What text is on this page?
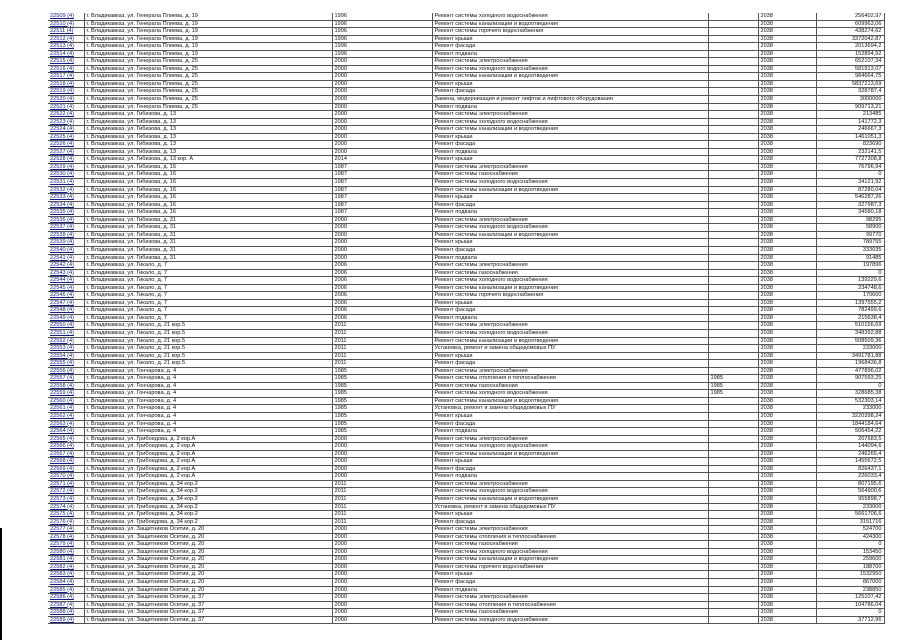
22509 (4)	г. Владикавказ, ул. Генерала Плиева, д. 19	1996	Ремонт системы холодного водоснабжения		2038	256402,97
22510 (4)	г. Владикавказ, ул. Генерала Плиева, д. 19	1996	Ремонт системы канализации и водоотведения		2038	609963,06
22511 (4)	г. Владикавказ, ул. Генерала Плиева, д. 19	1996	Ремонт системы горячего водоснабжения		2038	438274,62
22512 (4)	г. Владикавказ, ул. Генерала Плиева, д. 19	1996	Ремонт крыши		2038	3372042,87
22513 (4)	г. Владикавказ, ул. Генерала Плиева, д. 19	1996	Ремонт фасада		2038	2013694,2
22514 (4)	г. Владикавказ, ул. Генерала Плиева, д. 19	1996	Ремонт подвала		2038	152894,92
22515 (4)	г. Владикавказ, ул. Генерала Плиева, д. 25	2000	Ремонт системы электроснабжения		2038	652107,34
22516 (4)	г. Владикавказ, ул. Генерала Плиева, д. 25	2000	Ремонт системы холодного водоснабжения		2038	581913,07
22517 (4)	г. Владикавказ, ул. Генерала Плиева, д. 25	2000	Ремонт системы канализации и водоотведения		2038	984664,75
22518 (4)	г. Владикавказ, ул. Генерала Плиева, д. 25	2000	Ремонт крыши		2038	5837213,69
22519 (4)	г. Владикавказ, ул. Генерала Плиева, д. 25	2000	Ремонт фасада		2038	328787,4
22520 (4)	г. Владикавказ, ул. Генерала Плиева, д. 25	2000	Замена, модернизация и ремонт лифтов и лифтового оборудования		2038	3000000
22521 (4)	г. Владикавказ, ул. Генерала Плиева, д. 25	2000	Ремонт подвала		2038	909713,21
22522 (4)	г. Владикавказ, ул. Гибизова, д. 13	2000	Ремонт системы электроснабжения		2038	213485
22523 (4)	г. Владикавказ, ул. Гибизова, д. 13	2000	Ремонт системы холодного водоснабжения		2038	141772,3
22524 (4)	г. Владикавказ, ул. Гибизова, д. 13	2000	Ремонт системы канализации и водоотведения		2038	246667,3
22525 (4)	г. Владикавказ, ул. Гибизова, д. 13	2000	Ремонт крыши		2038	1461051,3
22526 (4)	г. Владикавказ, ул. Гибизова, д. 13	2000	Ремонт фасада		2038	823690
22527 (4)	г. Владикавказ, ул. Гибизова, д. 13	2000	Ремонт подвала		2038	232141,5
22528 (4)	г. Владикавказ, ул. Гибизова, д. 13 кор. А	2014	Ремонт крыши		2038	7727308,8
22529 (4)	г. Владикавказ, ул. Гибизова, д. 16	1987	Ремонт системы электроснабжения		2038	76796,94
22530 (4)	г. Владикавказ, ул. Гибизова, д. 16	1987	Ремонт системы газоснабжения		2038	0
22531 (4)	г. Владикавказ, ул. Гибизова, д. 16	1987	Ремонт системы холодного водоснабжения		2038	34121,92
22532 (4)	г. Владикавказ, ул. Гибизова, д. 16	1987	Ремонт системы канализации и водоотведения		2038	87280,04
22533 (4)	г. Владикавказ, ул. Гибизова, д. 16	1987	Ремонт крыши		2038	546287,26
22534 (4)	г. Владикавказ, ул. Гибизова, д. 16	1987	Ремонт фасада		2038	327987,3
22535 (4)	г. Владикавказ, ул. Гибизова, д. 16	1987	Ремонт подвала		2038	34580,18
22536 (4)	г. Владикавказ, ул. Гибизова, д. 31	2000	Ремонт системы электроснабжения		2038	98295
22537 (4)	г. Владикавказ, ул. Гибизова, д. 31	2000	Ремонт системы холодного водоснабжения		2038	58900
22538 (4)	г. Владикавказ, ул. Гибизова, д. 31	2000	Ремонт системы канализации и водоотведения		2038	99770
22539 (4)	г. Владикавказ, ул. Гибизова, д. 31	2000	Ремонт крыши		2038	789755
22540 (4)	г. Владикавказ, ул. Гибизова, д. 31	2000	Ремонт фасада		2038	333035
22541 (4)	г. Владикавказ, ул. Гибизова, д. 31	2000	Ремонт подвала		2038	91485
22542 (4)	г. Владикавказ, ул. Гикало, д. 7	2006	Ремонт системы электроснабжения		2038	197896
22543 (4)	г. Владикавказ, ул. Гикало, д. 7	2006	Ремонт системы газоснабжения		2038	0
22544 (4)	г. Владикавказ, ул. Гикало, д. 7	2006	Ремонт системы холодного водоснабжения		2038	139229,6
22545 (4)	г. Владикавказ, ул. Гикало, д. 7	2006	Ремонт системы канализации и водоотведения		2038	234748,6
22546 (4)	г. Владикавказ, ул. Гикало, д. 7	2006	Ремонт системы горячего водоснабжения		2038	170600
22547 (4)	г. Владикавказ, ул. Гикало, д. 7	2006	Ремонт крыши		2038	1397555,2
22548 (4)	г. Владикавказ, ул. Гикало, д. 7	2006	Ремонт фасада		2038	782499,6
22549 (4)	г. Владикавказ, ул. Гикало, д. 7	2006	Ремонт подвала		2038	215638,4
22550 (4)	г. Владикавказ, ул. Гикало, д. 21 кор.5	2011	Ремонт системы электроснабжения		2038	510156,69
22551 (4)	г. Владикавказ, ул. Гикало, д. 21 кор.5	2011	Ремонт системы холодного водоснабжения		2038	348392,88
22552 (4)	г. Владикавказ, ул. Гикало, д. 21 кор.5	2011	Ремонт системы канализации и водоотведения		2038	508509,36
22553 (4)	г. Владикавказ, ул. Гикало, д. 21 кор.5	2011	Установка, ремонт и замена общедомовых ПУ		2038	233000
22554 (4)	г. Владикавказ, ул. Гикало, д. 21 кор.5	2011	Ремонт крыши		2038	3491781,88
22555 (4)	г. Владикавказ, ул. Гикало, д. 21 кор.5	2011	Ремонт фасада		2038	1968436,8
22556 (4)	г. Владикавказ, ул. Гончарова, д. 4	1985	Ремонт системы электроснабжения		2038	477896,02
22557 (4)	г. Владикавказ, ул. Гончарова, д. 4	1985	Ремонт системы отопления и теплоснабжения	1985	2038	907593,25
22558 (4)	г. Владикавказ, ул. Гончарова, д. 4	1985	Ремонт системы газоснабжения	1985	2038	0
22559 (4)	г. Владикавказ, ул. Гончарова, д. 4	1985	Ремонт системы холодного водоснабжения	1985	2038	328685,38
22560 (4)	г. Владикавказ, ул. Гончарова, д. 4	1985	Ремонт системы канализации и водоотведения		2038	532303,14
22561 (4)	г. Владикавказ, ул. Гончарова, д. 4	1985	Установка, ремонт и замена общедомовых ПУ		2038	233000
22562 (4)	г. Владикавказ, ул. Гончарова, д. 4	1985	Ремонт крыши		2038	3220398,24
22563 (4)	г. Владикавказ, ул. Гончарова, д. 4	1985	Ремонт фасада		2038	1844184,64
22564 (4)	г. Владикавказ, ул. Гончарова, д. 4	1985	Ремонт подвала		2038	506454,22
22565 (4)	г. Владикавказ, ул. Грибоедова, д. 2 кор.А	2000	Ремонт системы электроснабжения		2038	207683,5
22566 (4)	г. Владикавказ, ул. Грибоедова, д. 2 кор.А	2000	Ремонт системы холодного водоснабжения		2038	144094,6
22567 (4)	г. Владикавказ, ул. Грибоедова, д. 2 кор.А	2000	Ремонт системы канализации и водоотведения		2038	246265,4
22568 (4)	г. Владикавказ, ул. Грибоедова, д. 2 кор.А	2000	Ремонт крыши		2038	1455672,5
22569 (4)	г. Владикавказ, ул. Грибоедова, д. 2 кор.А	2000	Ремонт фасада		2038	826437,1
22570 (4)	г. Владикавказ, ул. Грибоедова, д. 2 кор.А	2000	Ремонт подвала		2038	226033,4
22571 (4)	г. Владикавказ, ул. Грибоедова, д. 34 кор.2	2011	Ремонт системы электроснабжения		2038	807195,6
22572 (4)	г. Владикавказ, ул. Грибоедова, д. 34 кор.2	2011	Ремонт системы холодного водоснабжения		2038	564900,6
22573 (4)	г. Владикавказ, ул. Грибоедова, д. 34 кор.2	2011	Ремонт системы канализации и водоотведения		2038	955898,7
22574 (4)	г. Владикавказ, ул. Грибоедова, д. 34 кор.2	2011	Установка, ремонт и замена общедомовых ПУ		2038	233000
22575 (4)	г. Владикавказ, ул. Грибоедова, д. 34 кор.2	2011	Ремонт крыши		2038	5661706,6
22576 (4)	г. Владикавказ, ул. Грибоедова, д. 34 кор.2	2011	Ремонт фасада		2038	3151716
22577 (4)	г. Владикавказ, ул. Защитников Осетии, д. 20	2000	Ремонт системы электроснабжения		2038	524700
22578 (4)	г. Владикавказ, ул. Защитников Осетии, д. 20	2000	Ремонт системы отопления и теплоснабжения		2038	424300
22579 (4)	г. Владикавказ, ул. Защитников Осетии, д. 20	2000	Ремонт системы газоснабжения		2038	0
22580 (4)	г. Владикавказ, ул. Защитников Осетии, д. 20	2000	Ремонт системы холодного водоснабжения		2038	153450
22581 (4)	г. Владикавказ, ул. Защитников Осетии, д. 20	2000	Ремонт системы канализации и водоотведения		2038	259600
22582 (4)	г. Владикавказ, ул. Защитников Осетии, д. 20	2000	Ремонт системы горячего водоснабжения		2038	188700
22583 (4)	г. Владикавказ, ул. Защитников Осетии, д. 20	2000	Ремонт крыши		2038	1532950
22584 (4)	г. Владикавказ, ул. Защитников Осетии, д. 20	2000	Ремонт фасада		2038	867000
22585 (4)	г. Владикавказ, ул. Защитников Осетии, д. 20	2000	Ремонт подвала		2038	238850
22586 (4)	г. Владикавказ, ул. Защитников Осетии, д. 37	2000	Ремонт системы электроснабжения		2038	125107,42
22587 (4)	г. Владикавказ, ул. Защитников Осетии, д. 37	2000	Ремонт системы отопления и теплоснабжения		2038	104786,04
22588 (4)	г. Владикавказ, ул. Защитников Осетии, д. 37	2000	Ремонт системы газоснабжения		2038	0
22589 (4)	г. Владикавказ, ул. Защитников Осетии, д. 37	2000	Ремонт системы холодного водоснабжения		2038	37712,96
